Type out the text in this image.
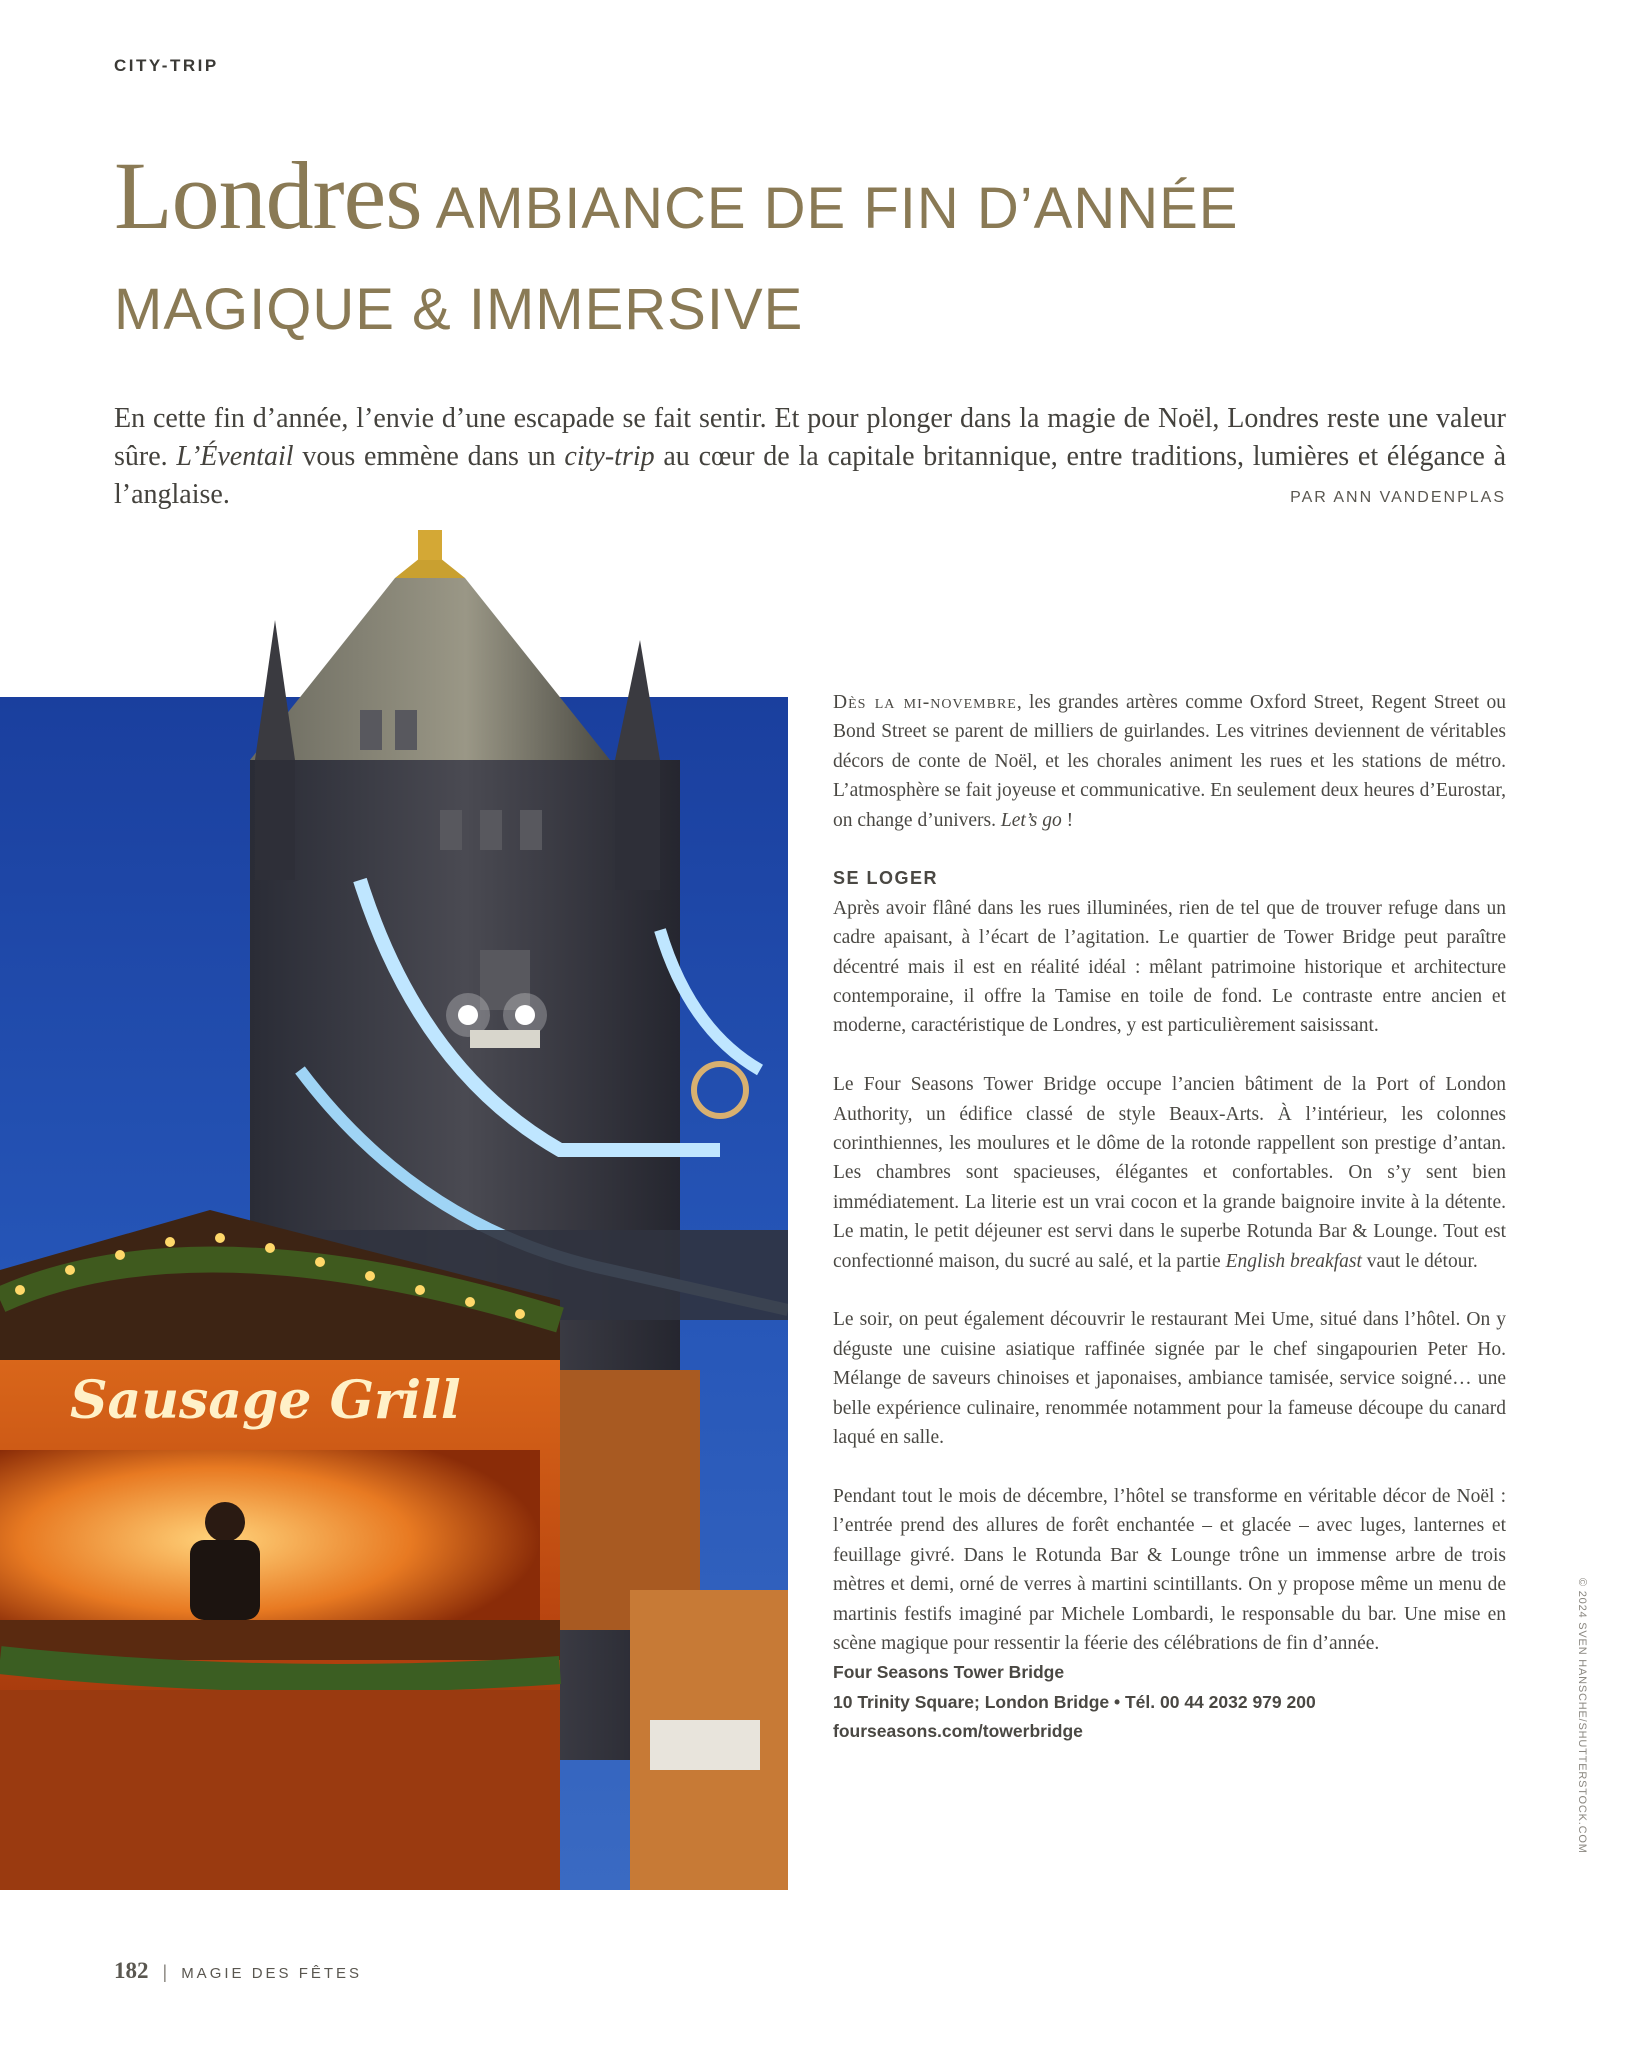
CITY-TRIP
Londres AMBIANCE DE FIN D’ANNÉE
MAGIQUE & IMMERSIVE
En cette fin d’année, l’envie d’une escapade se fait sentir. Et pour plonger dans la magie de Noël, Londres reste une valeur sûre. L’Éventail vous emmène dans un city-trip au cœur de la capitale britannique, entre traditions, lumières et élégance à l’anglaise.	PAR ANN VANDENPLAS
Sausage Grill

Dès la mi-novembre, les grandes artères comme Oxford Street, Regent Street ou Bond Street se parent de milliers de guirlandes. Les vitrines deviennent de véritables décors de conte de Noël, et les chorales animent les rues et les stations de métro. L’atmosphère se fait joyeuse et communicative. En seulement deux heures d’Eurostar, on change d’univers. Let’s go !

SE LOGER

Après avoir flâné dans les rues illuminées, rien de tel que de trouver refuge dans un cadre apaisant, à l’écart de l’agitation. Le quartier de Tower Bridge peut paraître décentré mais il est en réalité idéal : mêlant patrimoine historique et architecture contemporaine, il offre la Tamise en toile de fond. Le contraste entre ancien et moderne, caractéristique de Londres, y est particulièrement saisissant.

Le Four Seasons Tower Bridge occupe l’ancien bâtiment de la Port of London Authority, un édifice classé de style Beaux-Arts. À l’intérieur, les colonnes corinthiennes, les moulures et le dôme de la rotonde rappellent son prestige d’antan. Les chambres sont spacieuses, élégantes et confortables. On s’y sent bien immédiatement. La literie est un vrai cocon et la grande baignoire invite à la détente. Le matin, le petit déjeuner est servi dans le superbe Rotunda Bar & Lounge. Tout est confectionné maison, du sucré au salé, et la partie English breakfast vaut le détour.

Le soir, on peut également découvrir le restaurant Mei Ume, situé dans l’hôtel. On y déguste une cuisine asiatique raffinée signée par le chef singapourien Peter Ho. Mélange de saveurs chinoises et japonaises, ambiance tamisée, service soigné… une belle expérience culinaire, renommée notamment pour la fameuse découpe du canard laqué en salle.

Pendant tout le mois de décembre, l’hôtel se transforme en véritable décor de Noël : l’entrée prend des allures de forêt enchantée – et glacée – avec luges, lanternes et feuillage givré. Dans le Rotunda Bar & Lounge trône un immense arbre de trois mètres et demi, orné de verres à martini scintillants. On y propose même un menu de martinis festifs imaginé par Michele Lombardi, le responsable du bar. Une mise en scène magique pour ressentir la féerie des célébrations de fin d’année.

Four Seasons Tower Bridge
10 Trinity Square; London Bridge • Tél. 00 44 2032 979 200
fourseasons.com/towerbridge	© 2024 SVEN HANSCHE/SHUTTERSTOCK.COM
182 | MAGIE DES FÊTES
